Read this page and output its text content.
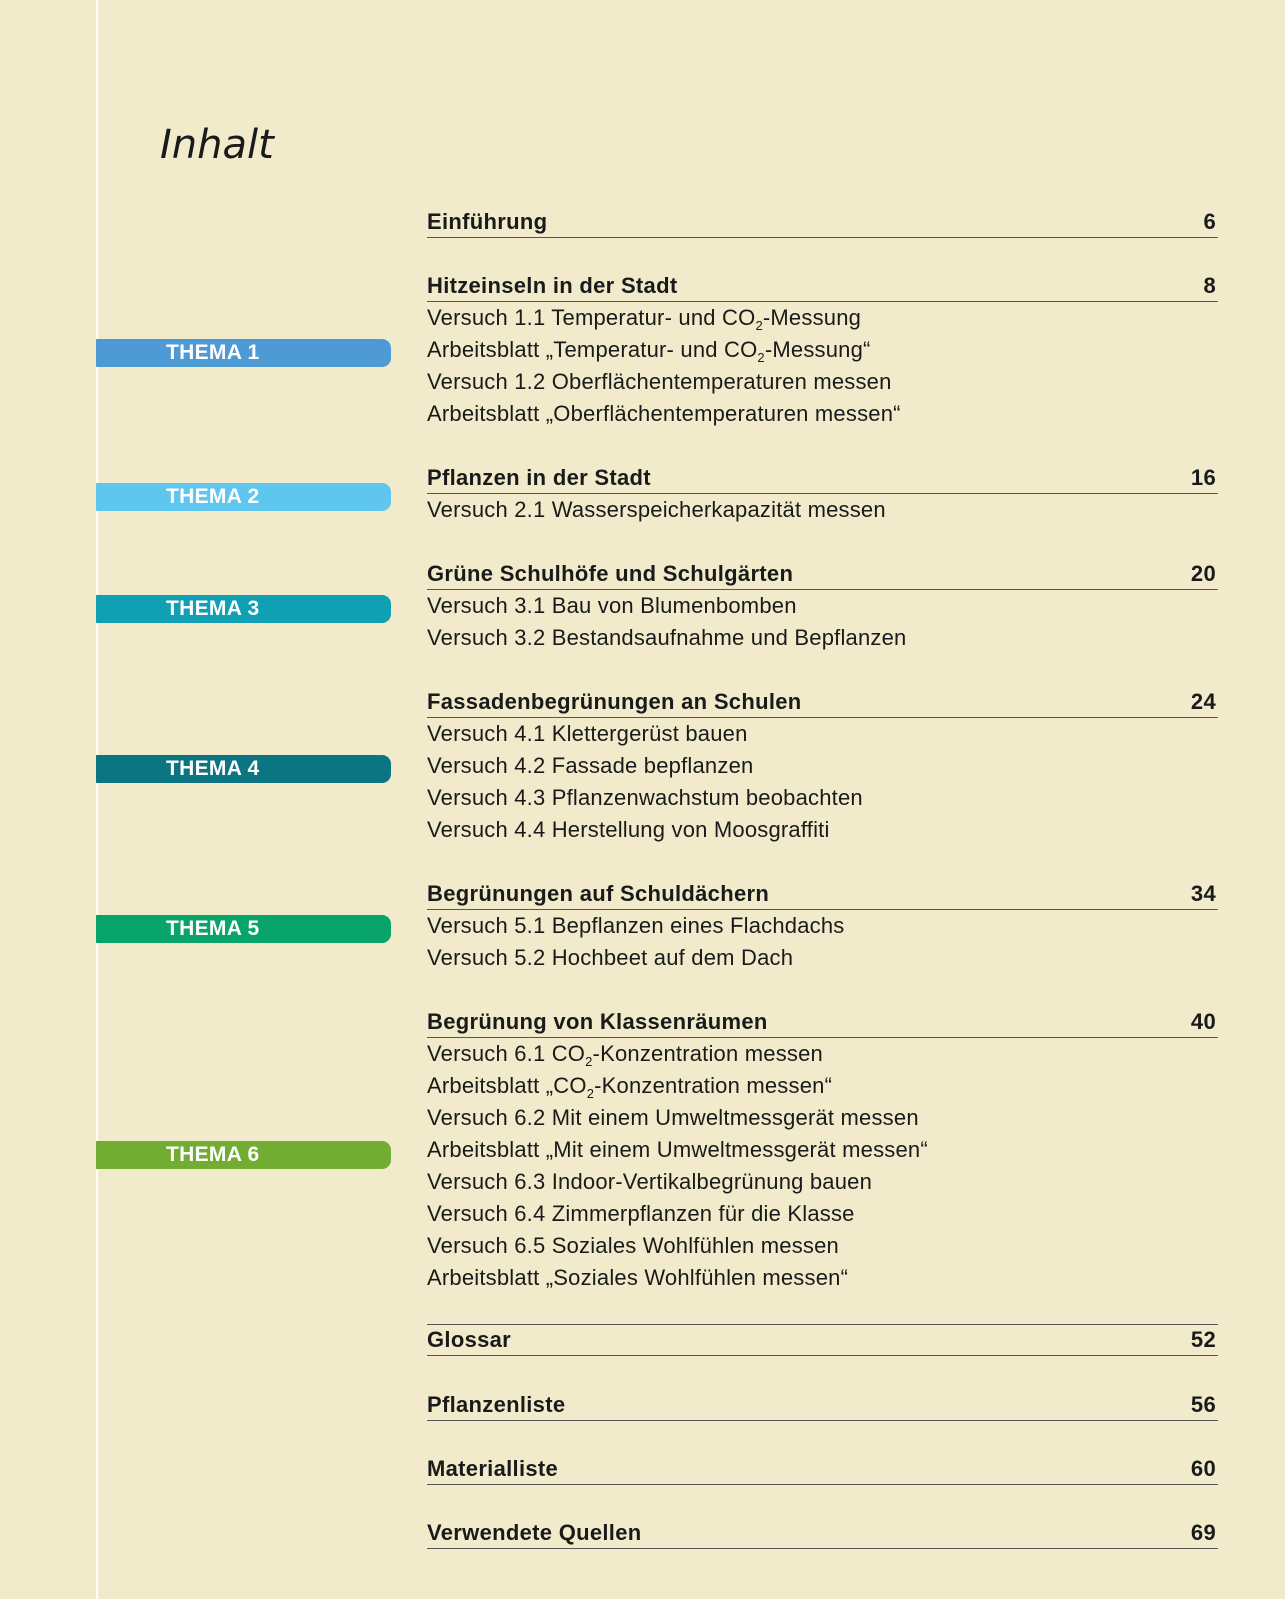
Inhalt
THEMA 1
THEMA 2
THEMA 3
THEMA 4
THEMA 5
THEMA 6
Einführung	6
Hitzeinseln in der Stadt	8
Versuch 1.1 Temperatur- und $CO_2$-Messung
Arbeitsblatt „Temperatur- und $CO_2-Messung“$
Versuch 1.2 Oberflächentemperaturen messen
Arbeitsblatt „Oberflächentemperaturen messen“
Pflanzen in der Stadt	16
Versuch 2.1 Wasserspeicherkapazität messen
Grüne Schulhöfe und Schulgärten	20
Versuch 3.1 Bau von Blumenbomben
Versuch 3.2 Bestandsaufnahme und Bepflanzen
Fassadenbegrünungen an Schulen	24
Versuch 4.1 Klettergerüst bauen
Versuch 4.2 Fassade bepflanzen
Versuch 4.3 Pflanzenwachstum beobachten
Versuch 4.4 Herstellung von Moosgraffiti
Begrünungen auf Schuldächern	34
Versuch 5.1 Bepflanzen eines Flachdachs
Versuch 5.2 Hochbeet auf dem Dach
Begrünung von Klassenräumen	40
Versuch 6.1 $CO_2$-Konzentration messen
Arbeitsblatt $„CO_2$-Konzentration messen“
Versuch 6.2 Mit einem Umweltmessgerät messen
Arbeitsblatt „Mit einem Umweltmessgerät messen“
Versuch 6.3 Indoor-Vertikalbegrünung bauen
Versuch 6.4 Zimmerpflanzen für die Klasse
Versuch 6.5 Soziales Wohlfühlen messen
Arbeitsblatt „Soziales Wohlfühlen messen“
Glossar	52
Pflanzenliste	56
Materialliste	60
Verwendete Quellen	69
